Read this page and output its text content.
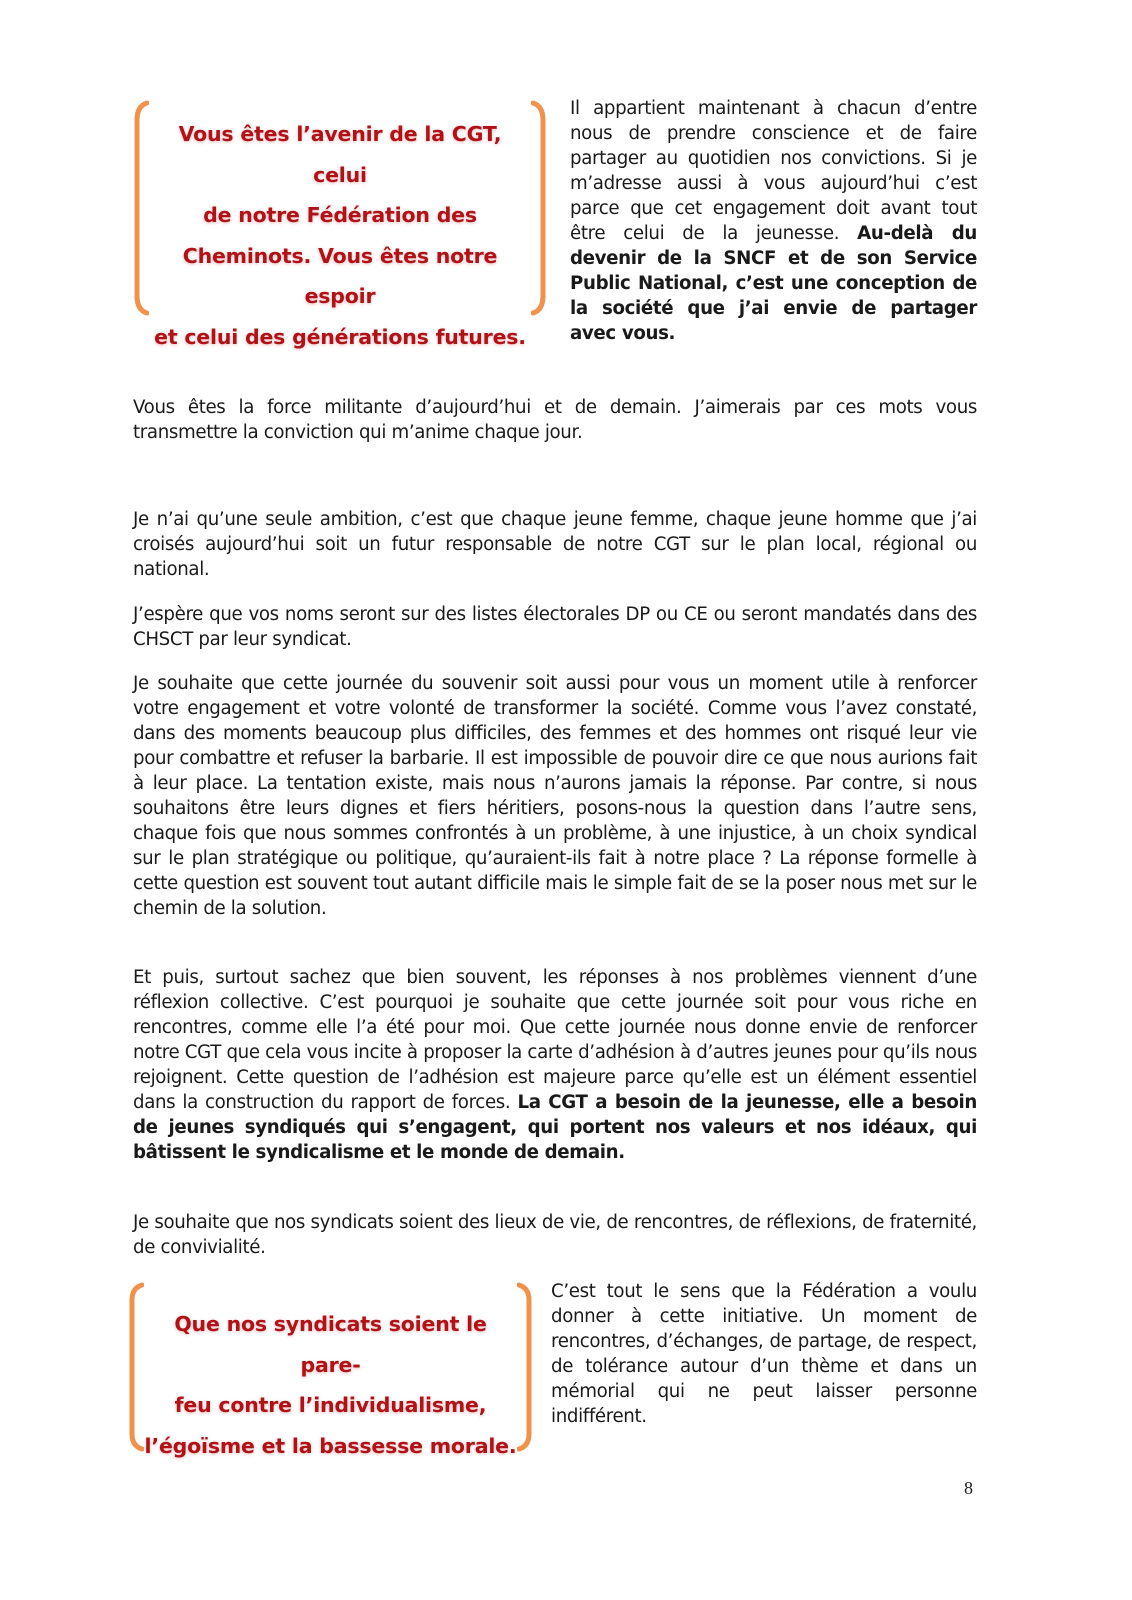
Vous êtes l’avenir de la CGT, celui
de notre Fédération des
Cheminots. Vous êtes notre espoir
et celui des générations futures.
Il appartient maintenant à chacun d’entre nous de prendre conscience et de faire partager au quotidien nos convictions. Si je m’adresse aussi à vous aujourd’hui c’est parce que cet engagement doit avant tout être celui de la jeunesse. Au-delà du devenir de la SNCF et de son Service Public National, c’est une conception de la société que j’ai envie de partager avec vous.
Vous êtes la force militante d’aujourd’hui et de demain. J’aimerais par ces mots vous transmettre la conviction qui m’anime chaque jour.
Je n’ai qu’une seule ambition, c’est que chaque jeune femme, chaque jeune homme que j’ai croisés aujourd’hui soit un futur responsable de notre CGT sur le plan local, régional ou national.
J’espère que vos noms seront sur des listes électorales DP ou CE ou seront mandatés dans des CHSCT par leur syndicat.
Je souhaite que cette journée du souvenir soit aussi pour vous un moment utile à renforcer votre engagement et votre volonté de transformer la société. Comme vous l’avez constaté, dans des moments beaucoup plus difficiles, des femmes et des hommes ont risqué leur vie pour combattre et refuser la barbarie. Il est impossible de pouvoir dire ce que nous aurions fait à leur place. La tentation existe, mais nous n’aurons jamais la réponse. Par contre, si nous souhaitons être leurs dignes et fiers héritiers, posons-nous la question dans l’autre sens, chaque fois que nous sommes confrontés à un problème, à une injustice, à un choix syndical sur le plan stratégique ou politique, qu’auraient-ils fait à notre place ? La réponse formelle à cette question est souvent tout autant difficile mais le simple fait de se la poser nous met sur le chemin de la solution.
Et puis, surtout sachez que bien souvent, les réponses à nos problèmes viennent d’une réflexion collective. C’est pourquoi je souhaite que cette journée soit pour vous riche en rencontres, comme elle l’a été pour moi. Que cette journée nous donne envie de renforcer notre CGT que cela vous incite à proposer la carte d’adhésion à d’autres jeunes pour qu’ils nous rejoignent. Cette question de l’adhésion est majeure parce qu’elle est un élément essentiel dans la construction du rapport de forces. La CGT a besoin de la jeunesse, elle a besoin de jeunes syndiqués qui s’engagent, qui portent nos valeurs et nos idéaux, qui bâtissent le syndicalisme et le monde de demain.
Je souhaite que nos syndicats soient des lieux de vie, de rencontres, de réflexions, de fraternité, de convivialité.
Que nos syndicats soient le pare-
feu contre l’individualisme,
l’égoïsme et la bassesse morale.
C’est tout le sens que la Fédération a voulu donner à cette initiative. Un moment de rencontres, d’échanges, de partage, de respect, de tolérance autour d’un thème et dans un mémorial qui ne peut laisser personne indifférent.
8
